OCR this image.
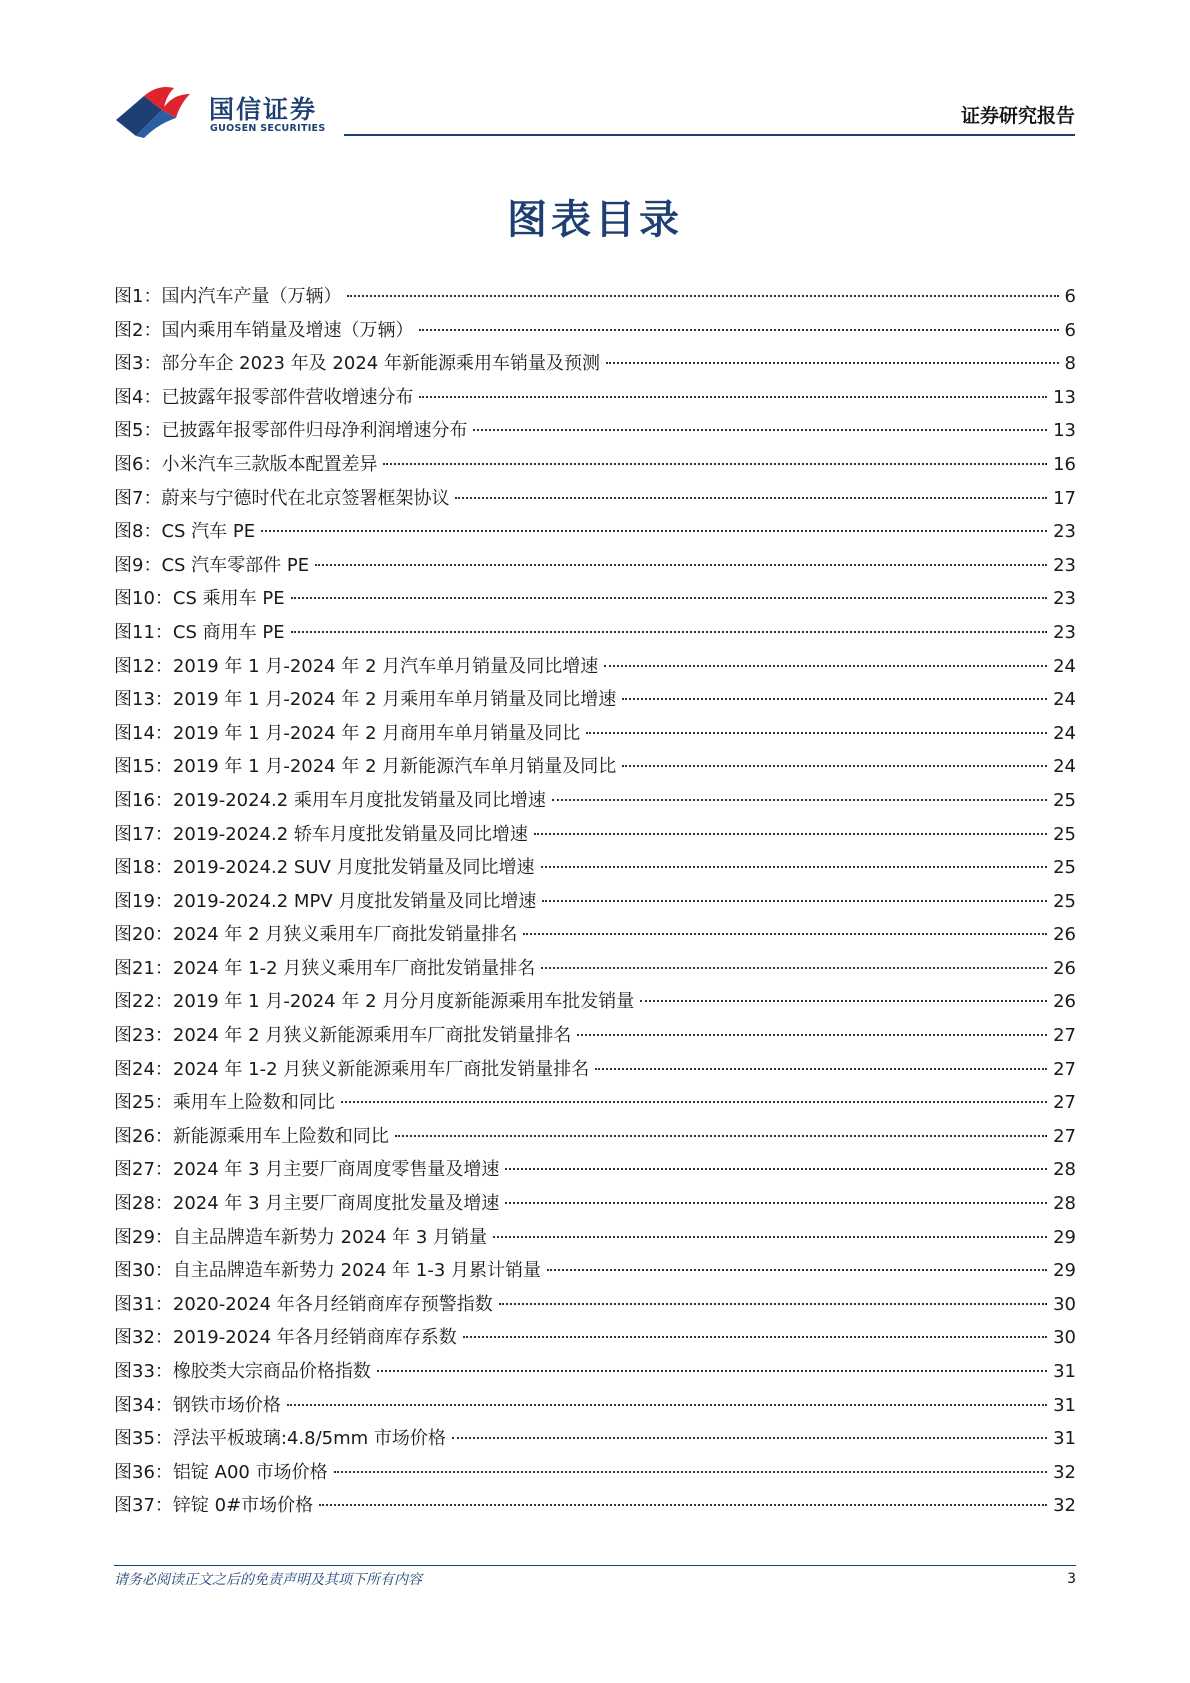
国信证券
GUOSEN SECURITIES
证券研究报告
图表目录
图1： 国内汽车产量（万辆）	6
图2： 国内乘用车销量及增速（万辆）	6
图3： 部分车企 2023 年及 2024 年新能源乘用车销量及预测	8
图4： 已披露年报零部件营收增速分布	13
图5： 已披露年报零部件归母净利润增速分布	13
图6： 小米汽车三款版本配置差异	16
图7： 蔚来与宁德时代在北京签署框架协议	17
图8： CS 汽车 PE	23
图9： CS 汽车零部件 PE	23
图10： CS 乘用车 PE	23
图11： CS 商用车 PE	23
图12： 2019 年 1 月-2024 年 2 月汽车单月销量及同比增速	24
图13： 2019 年 1 月-2024 年 2 月乘用车单月销量及同比增速	24
图14： 2019 年 1 月-2024 年 2 月商用车单月销量及同比	24
图15： 2019 年 1 月-2024 年 2 月新能源汽车单月销量及同比	24
图16： 2019-2024.2 乘用车月度批发销量及同比增速	25
图17： 2019-2024.2 轿车月度批发销量及同比增速	25
图18： 2019-2024.2 SUV 月度批发销量及同比增速	25
图19： 2019-2024.2 MPV 月度批发销量及同比增速	25
图20： 2024 年 2 月狭义乘用车厂商批发销量排名	26
图21： 2024 年 1-2 月狭义乘用车厂商批发销量排名	26
图22： 2019 年 1 月-2024 年 2 月分月度新能源乘用车批发销量	26
图23： 2024 年 2 月狭义新能源乘用车厂商批发销量排名	27
图24： 2024 年 1-2 月狭义新能源乘用车厂商批发销量排名	27
图25： 乘用车上险数和同比	27
图26： 新能源乘用车上险数和同比	27
图27： 2024 年 3 月主要厂商周度零售量及增速	28
图28： 2024 年 3 月主要厂商周度批发量及增速	28
图29： 自主品牌造车新势力 2024 年 3 月销量	29
图30： 自主品牌造车新势力 2024 年 1-3 月累计销量	29
图31： 2020-2024 年各月经销商库存预警指数	30
图32： 2019-2024 年各月经销商库存系数	30
图33： 橡胶类大宗商品价格指数	31
图34： 钢铁市场价格	31
图35： 浮法平板玻璃:4.8/5mm 市场价格	31
图36： 铝锭 A00 市场价格	32
图37： 锌锭 0#市场价格	32
请务必阅读正文之后的免责声明及其项下所有内容	3
